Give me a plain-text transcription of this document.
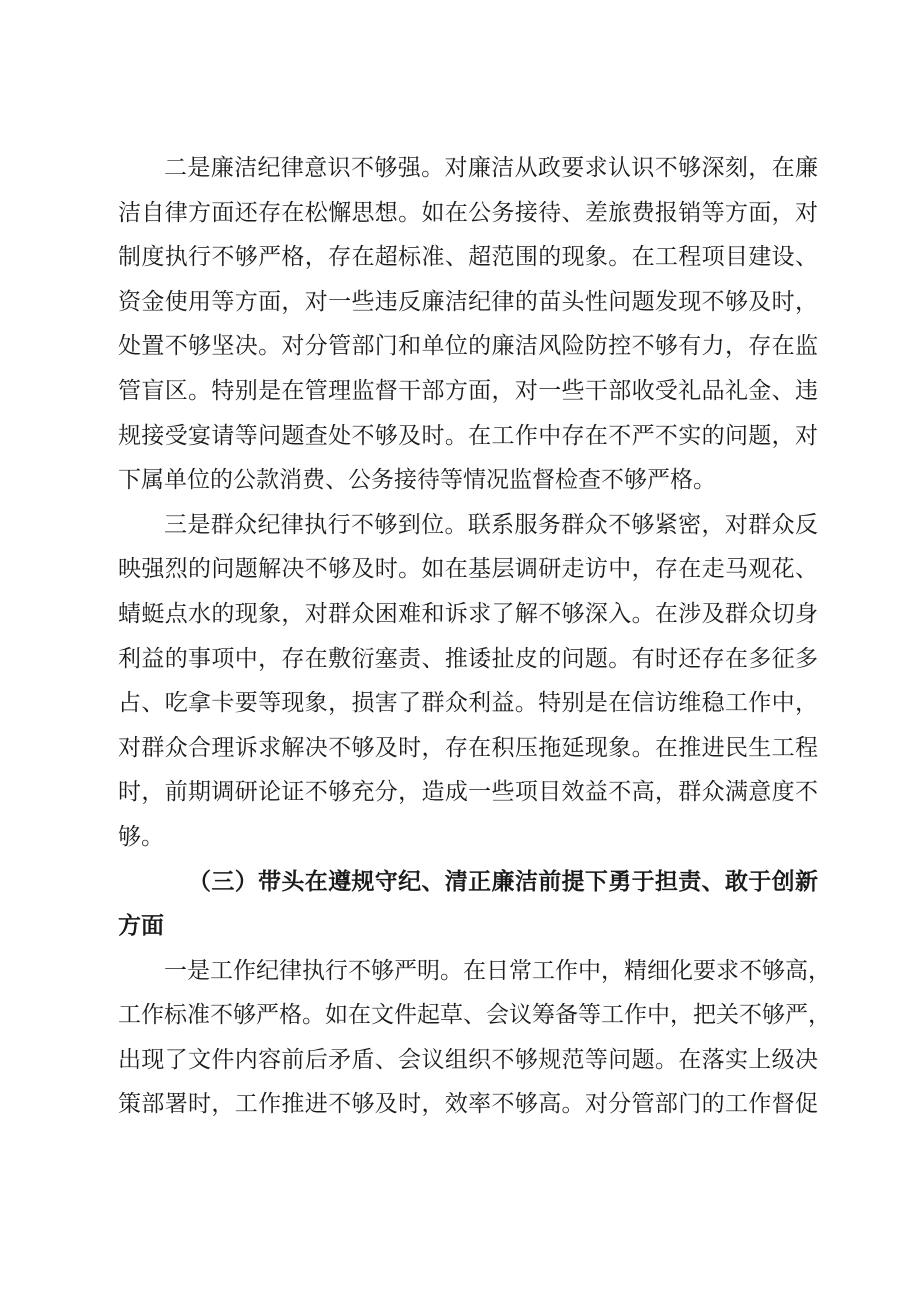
二是廉洁纪律意识不够强。对廉洁从政要求认识不够深刻，在廉
洁自律方面还存在松懈思想。如在公务接待、差旅费报销等方面，对
制度执行不够严格，存在超标准、超范围的现象。在工程项目建设、
资金使用等方面，对一些违反廉洁纪律的苗头性问题发现不够及时，
处置不够坚决。对分管部门和单位的廉洁风险防控不够有力，存在监
管盲区。特别是在管理监督干部方面，对一些干部收受礼品礼金、违
规接受宴请等问题查处不够及时。在工作中存在不严不实的问题，对
下属单位的公款消费、公务接待等情况监督检查不够严格。
三是群众纪律执行不够到位。联系服务群众不够紧密，对群众反
映强烈的问题解决不够及时。如在基层调研走访中，存在走马观花、
蜻蜓点水的现象，对群众困难和诉求了解不够深入。在涉及群众切身
利益的事项中，存在敷衍塞责、推诿扯皮的问题。有时还存在多征多
占、吃拿卡要等现象，损害了群众利益。特别是在信访维稳工作中，
对群众合理诉求解决不够及时，存在积压拖延现象。在推进民生工程
时，前期调研论证不够充分，造成一些项目效益不高，群众满意度不
够。
（三）带头在遵规守纪、清正廉洁前提下勇于担责、敢于创新
方面
一是工作纪律执行不够严明。在日常工作中，精细化要求不够高，
工作标准不够严格。如在文件起草、会议筹备等工作中，把关不够严，
出现了文件内容前后矛盾、会议组织不够规范等问题。在落实上级决
策部署时，工作推进不够及时，效率不够高。对分管部门的工作督促
